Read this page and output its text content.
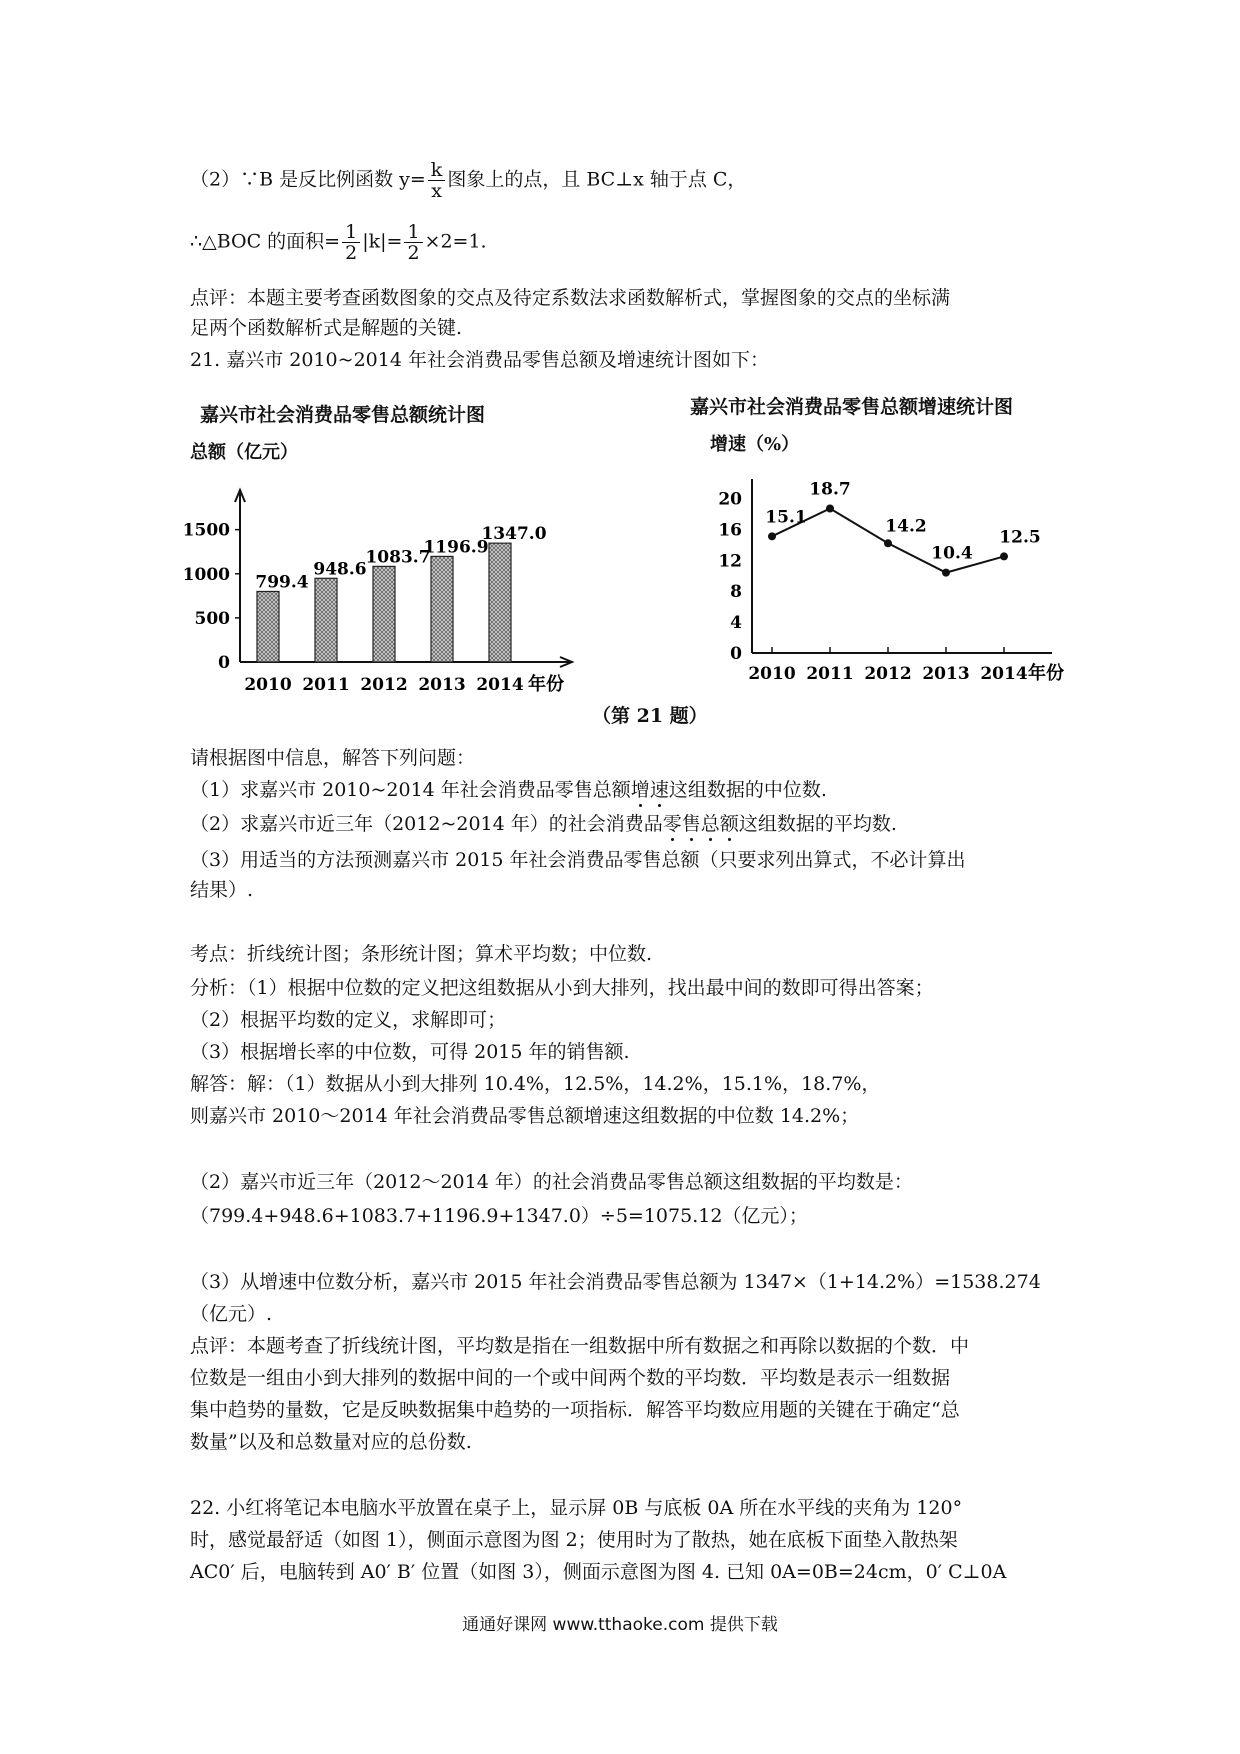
（2）∵B 是反比例函数 $y= \frac{k}{x}$ 图象上的点，且 BC⊥x 轴于点 C，
∴△BOC 的面积= $\frac{1}{2} |k|= \frac{1}{2} \times 2=1$.
点评：本题主要考查函数图象的交点及待定系数法求函数解析式，掌握图象的交点的坐标满
足两个函数解析式是解题的关键.
21. 嘉兴市 2010~2014 年社会消费品零售总额及增速统计图如下：
嘉兴市社会消费品零售总额统计图
总额（亿元）
0
500
1000
1500
799.4
2010
948.6
2011
1083.7
2012
1196.9
2013
1347.0
2014 年份
嘉兴市社会消费品零售总额增速统计图
增速（%）
0
4
8
12
16
20
2010 2011 2012 2013 2014
15.1
18.7
14.2
10.4
12.5
年份
（第 21 题）
请根据图中信息，解答下列问题：
（1）求嘉兴市 2010~2014 年社会消费品零售总额增速这组数据的中位数.
（2）求嘉兴市近三年（2012~2014 年）的社会消费品零售总额这组数据的平均数.
（3）用适当的方法预测嘉兴市 2015 年社会消费品零售总额（只要求列出算式，不必计算出
结果）.
考点：折线统计图；条形统计图；算术平均数；中位数.
分析：（1）根据中位数的定义把这组数据从小到大排列，找出最中间的数即可得出答案；
（2）根据平均数的定义，求解即可；
（3）根据增长率的中位数，可得 2015 年的销售额.
解答：解：（1）数据从小到大排列 10.4%，12.5%，14.2%，15.1%，18.7%，
则嘉兴市 2010～2014 年社会消费品零售总额增速这组数据的中位数 14.2%；
（2）嘉兴市近三年（2012～2014 年）的社会消费品零售总额这组数据的平均数是：
（799.4+948.6+1083.7+1196.9+1347.0）÷5=1075.12（亿元）；
（3）从增速中位数分析，嘉兴市 2015 年社会消费品零售总额为 1347×（1+14.2%）=1538.274
（亿元）.
点评：本题考查了折线统计图，平均数是指在一组数据中所有数据之和再除以数据的个数．中
位数是一组由小到大排列的数据中间的一个或中间两个数的平均数．平均数是表示一组数据
集中趋势的量数，它是反映数据集中趋势的一项指标．解答平均数应用题的关键在于确定“总
数量”以及和总数量对应的总份数.
22. 小红将笔记本电脑水平放置在桌子上，显示屏 0B 与底板 0A 所在水平线的夹角为 120°
时，感觉最舒适（如图 1），侧面示意图为图 2；使用时为了散热，她在底板下面垫入散热架
AC0′ 后，电脑转到 A0′ B′ 位置（如图 3），侧面示意图为图 4. 已知 0A=0B=24cm，0′ C⊥0A
通通好课网 www.tthaoke.com 提供下载
